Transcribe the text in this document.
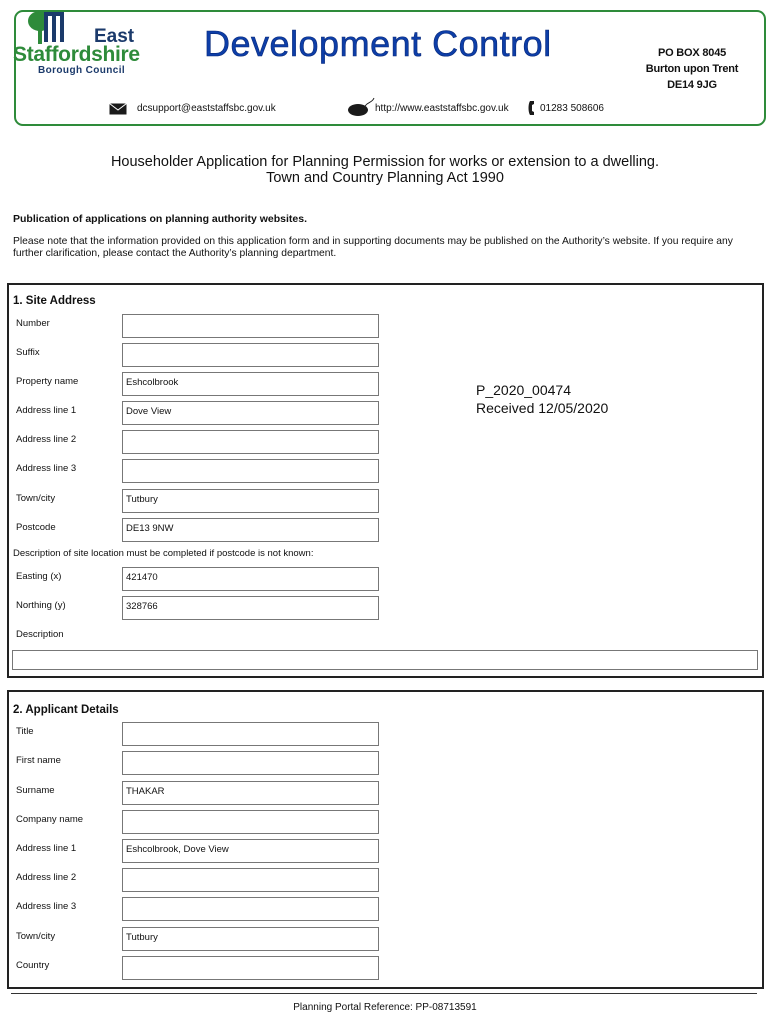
East
Staffordshire
Borough Council
Development Control	PO BOX 8045
Burton upon Trent
DE14 9JG
dcsupport@eaststaffsbc.gov.uk	http://www.eaststaffsbc.gov.uk	01283 508606
Householder Application for Planning Permission for works or extension to a dwelling.
Town and Country Planning Act 1990
Publication of applications on planning authority websites.
Please note that the information provided on this application form and in supporting documents may be published on the Authority’s website. If you require any further clarification, please contact the Authority’s planning department.
1. Site Address
Number
Suffix
Property name	Eshcolbrook
Address line 1	Dove View
Address line 2
Address line 3
Town/city	Tutbury
Postcode	DE13 9NW
Description of site location must be completed if postcode is not known:
Easting (x)	421470
Northing (y)	328766
Description
P_2020_00474
Received 12/05/2020
2. Applicant Details
Title
First name
Surname	THAKAR
Company name
Address line 1	Eshcolbrook, Dove View
Address line 2
Address line 3
Town/city	Tutbury
Country
Planning Portal Reference: PP-08713591
